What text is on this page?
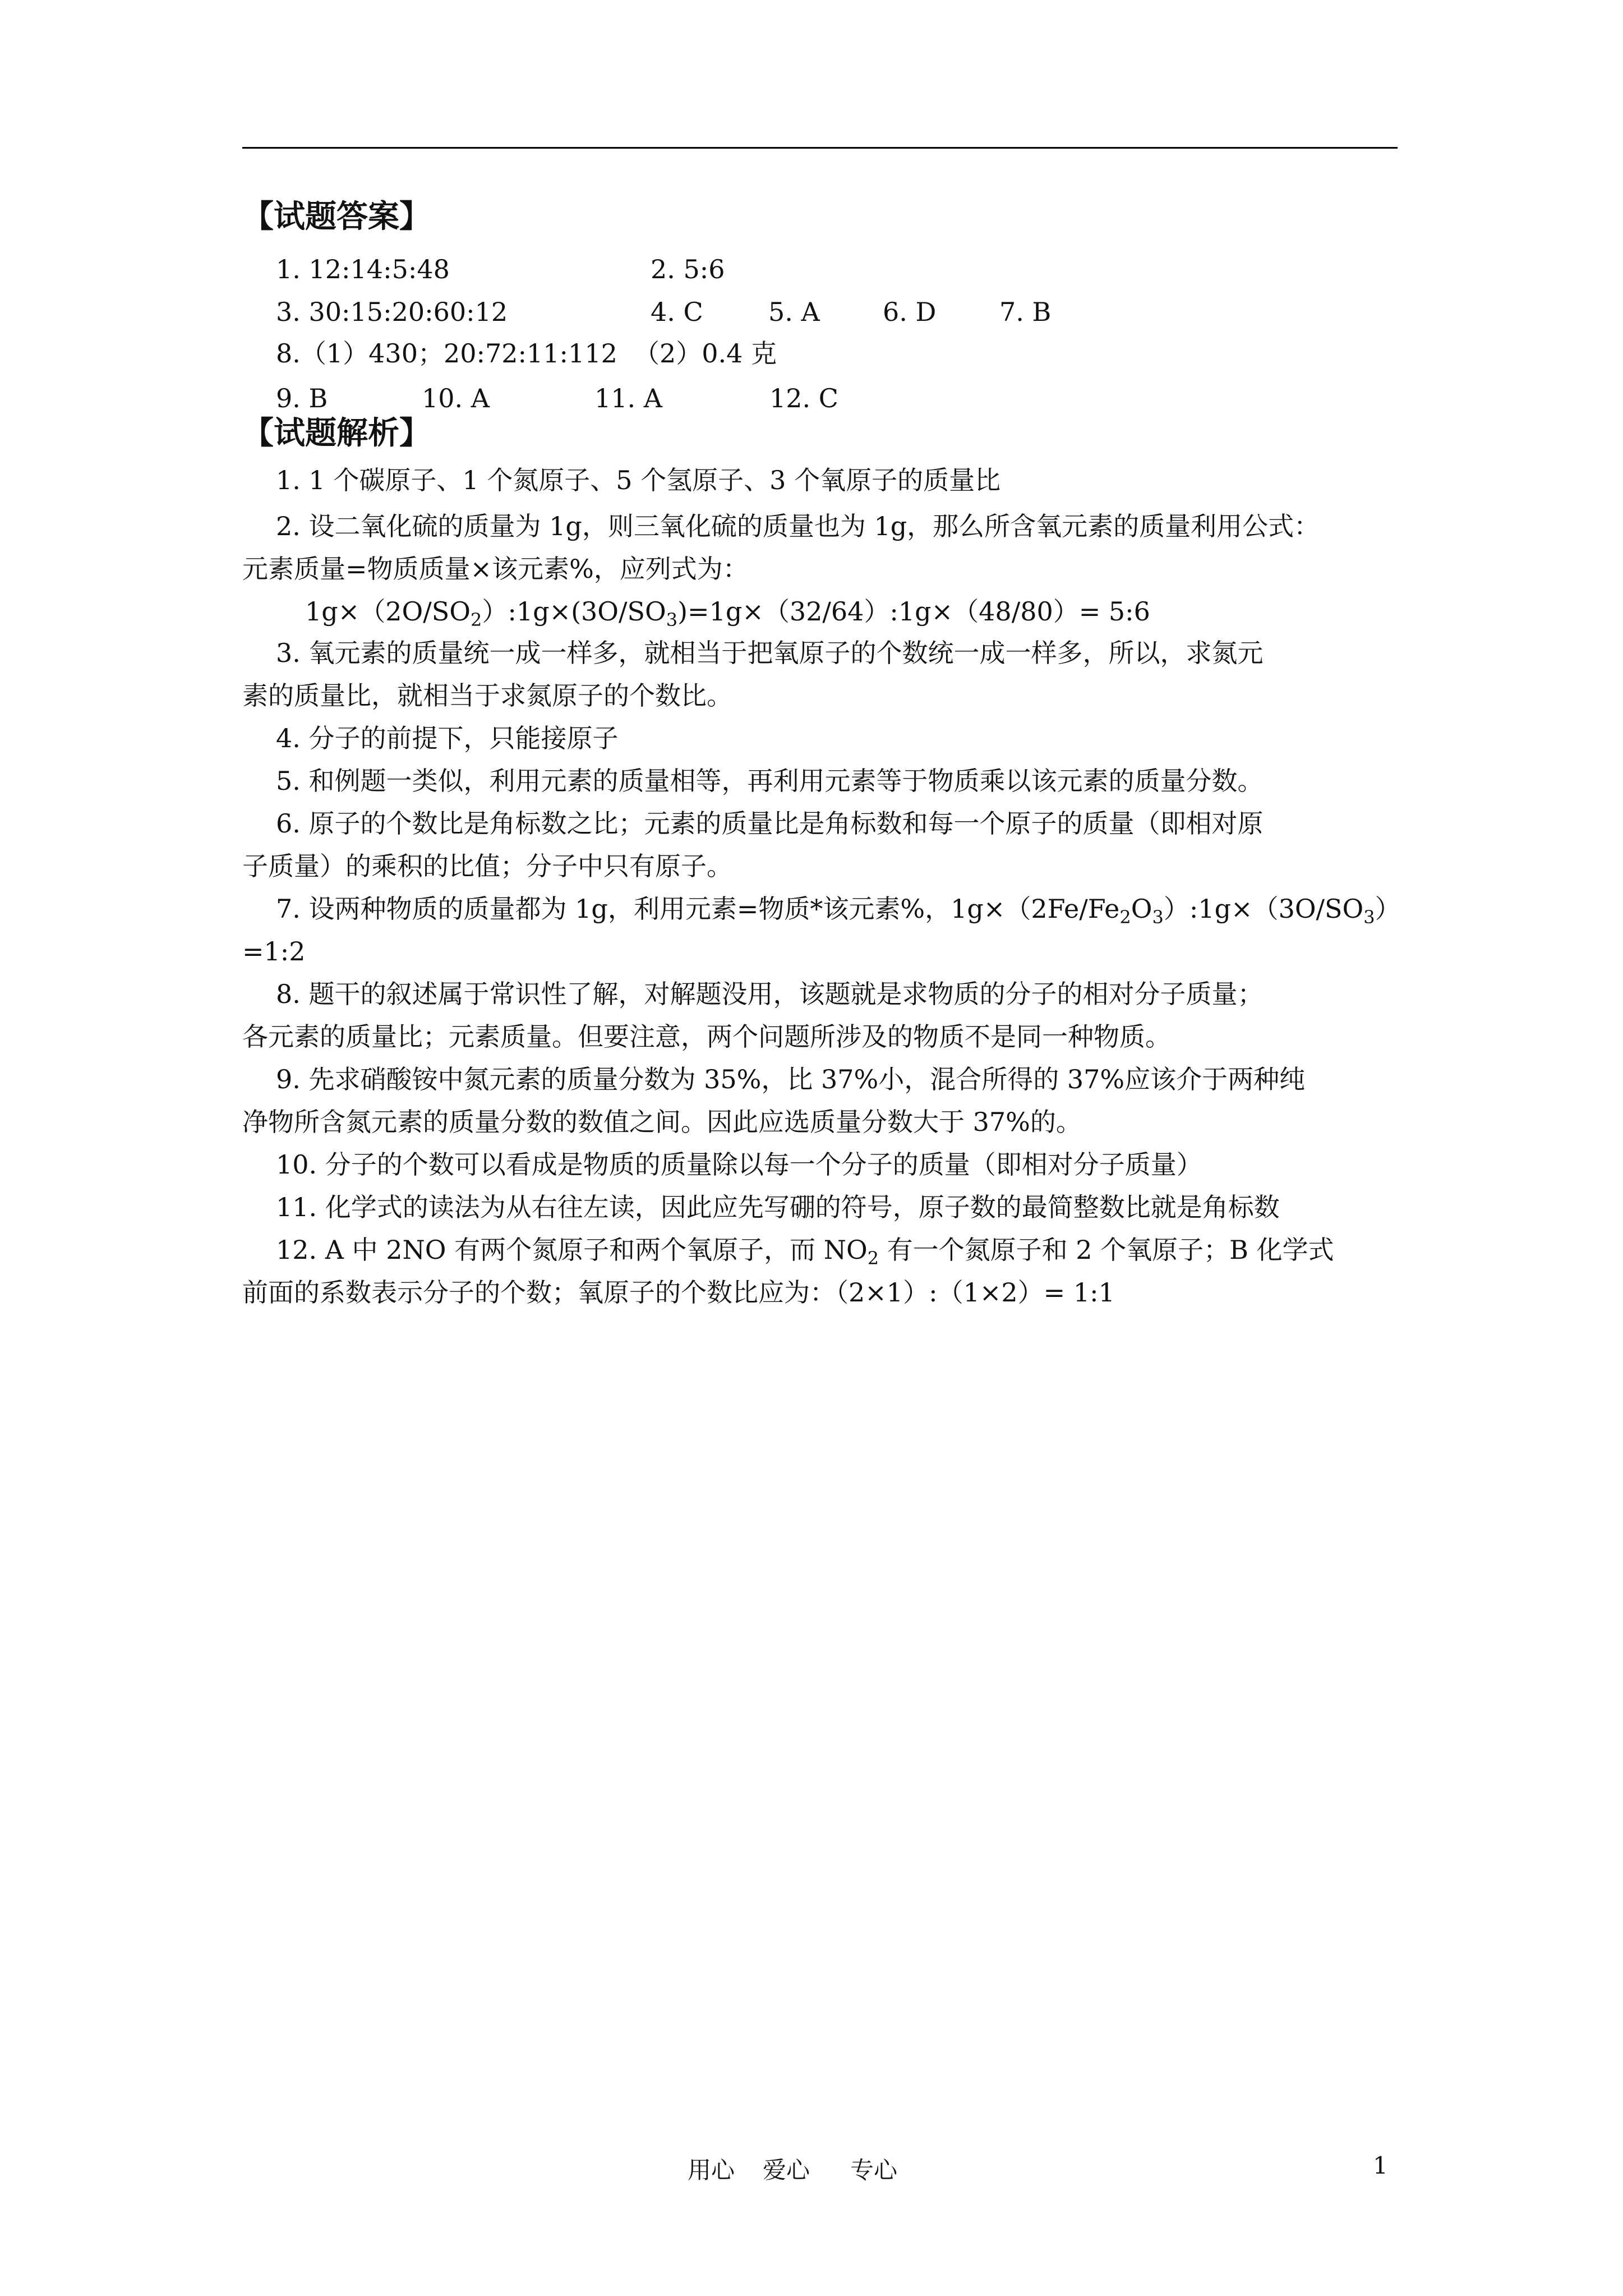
【试题答案】
1. 12:14:5:48	2. 5:6
3. 30:15:20:60:12	4. C	5. A 6. D 7. B
8.（1）430；20:72:11:112 （2）0.4 克
9. B	10. A	11. A	12. C
【试题解析】
1. 1 个碳原子、1 个氮原子、5 个氢原子、3 个氧原子的质量比
2. 设二氧化硫的质量为 1g，则三氧化硫的质量也为 1g，那么所含氧元素的质量利用公式：
元素质量=物质质量×该元素%，应列式为：
$1g\times(2O/SO_2):1g\times(3O/SO_3)=1g\times(32/64):1g\times(48/80)=$ 5:6
3. 氧元素的质量统一成一样多，就相当于把氧原子的个数统一成一样多，所以，求氮元
素的质量比，就相当于求氮原子的个数比。
4. 分子的前提下，只能接原子
5. 和例题一类似，利用元素的质量相等，再利用元素等于物质乘以该元素的质量分数。
6. 原子的个数比是角标数之比；元素的质量比是角标数和每一个原子的质量（即相对原
子质量）的乘积的比值；分子中只有原子。
7. 设两种物质的质量都为 1g，利用元素=物质*该元素%，$1g\times(2Fe/Fe_2O_3):1g\times(3O/SO_3)$
=1:2
8. 题干的叙述属于常识性了解，对解题没用，该题就是求物质的分子的相对分子质量；
各元素的质量比；元素质量。但要注意，两个问题所涉及的物质不是同一种物质。
9. 先求硝酸铵中氮元素的质量分数为 35%，比 37%小，混合所得的 37%应该介于两种纯
净物所含氮元素的质量分数的数值之间。因此应选质量分数大于 37%的。
10. 分子的个数可以看成是物质的质量除以每一个分子的质量（即相对分子质量）
11. 化学式的读法为从右往左读，因此应先写硼的符号，原子数的最简整数比就是角标数
12. A 中 2NO 有两个氮原子和两个氧原子，而 $NO_2$ 有一个氮原子和 2 个氧原子；B 化学式
前面的系数表示分子的个数；氧原子的个数比应为：（2×1）:（1×2）= 1:1
用心 爱心 专心	1
